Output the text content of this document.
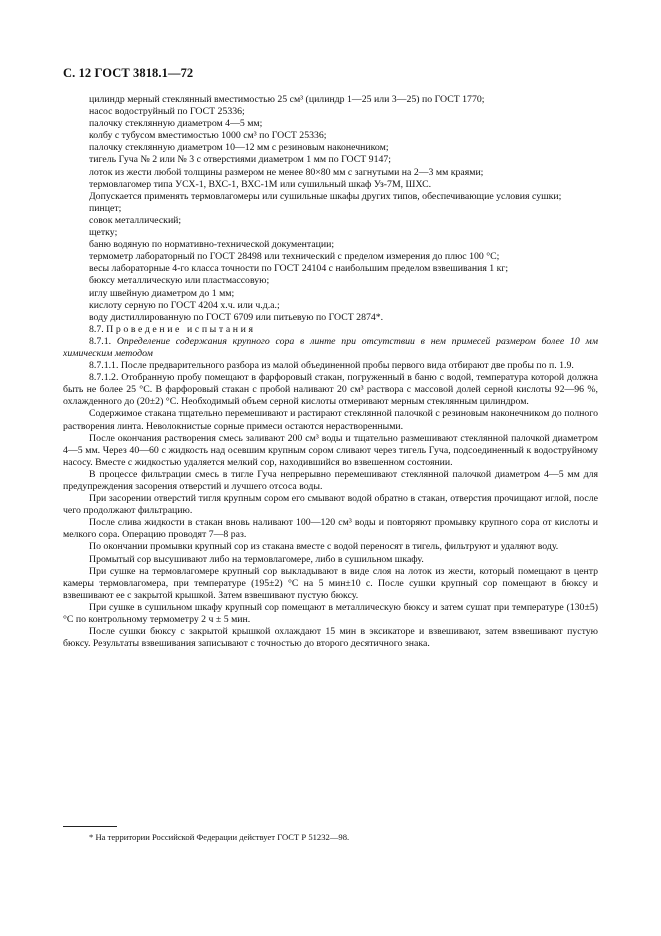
С. 12 ГОСТ 3818.1—72

цилиндр мерный стеклянный вместимостью 25 см³ (цилиндр 1—25 или 3—25) по ГОСТ 1770;

насос водоструйный по ГОСТ 25336;

палочку стеклянную диаметром 4—5 мм;

колбу с тубусом вместимостью 1000 см³ по ГОСТ 25336;

палочку стеклянную диаметром 10—12 мм с резиновым наконечником;

тигель Гуча № 2 или № 3 с отверстиями диаметром 1 мм по ГОСТ 9147;

лоток из жести любой толщины размером не менее 80×80 мм с загнутыми на 2—3 мм краями;

термовлагомер типа УСХ-1, ВХС-1, ВХС-1М или сушильный шкаф Уз-7М, ШХС.

Допускается применять термовлагомеры или сушильные шкафы других типов, обеспечивающие условия сушки;

пинцет;

совок металлический;

щетку;

баню водяную по нормативно-технической документации;

термометр лабораторный по ГОСТ 28498 или технический с пределом измерения до плюс 100 °С;

весы лабораторные 4-го класса точности по ГОСТ 24104 с наибольшим пределом взвешивания 1 кг;

бюксу металлическую или пластмассовую;

иглу швейную диаметром до 1 мм;

кислоту серную по ГОСТ 4204 х.ч. или ч.д.а.;

воду дистиллированную по ГОСТ 6709 или питьевую по ГОСТ 2874*.

8.7. Проведение испытания

8.7.1. Определение содержания крупного сора в линте при отсутствии в нем примесей размером более 10 мм химическим методом

8.7.1.1. После предварительного разбора из малой объединенной пробы первого вида отбирают две пробы по п. 1.9.

8.7.1.2. Отобранную пробу помещают в фарфоровый стакан, погруженный в баню с водой, температура которой должна быть не более 25 °С. В фарфоровый стакан с пробой наливают 20 см³ раствора с массовой долей серной кислоты 92—96 %, охлажденного до (20±2) °С. Необходимый объем серной кислоты отмеривают мерным стеклянным цилиндром.

Содержимое стакана тщательно перемешивают и растирают стеклянной палочкой с резиновым наконечником до полного растворения линта. Неволокнистые сорные примеси остаются нерастворенными.

После окончания растворения смесь заливают 200 см³ воды и тщательно размешивают стеклянной палочкой диаметром 4—5 мм. Через 40—60 с жидкость над осевшим крупным сором сливают через тигель Гуча, подсоединенный к водоструйному насосу. Вместе с жидкостью удаляется мелкий сор, находившийся во взвешенном состоянии.

В процессе фильтрации смесь в тигле Гуча непрерывно перемешивают стеклянной палочкой диаметром 4—5 мм для предупреждения засорения отверстий и лучшего отсоса воды.

При засорении отверстий тигля крупным сором его смывают водой обратно в стакан, отверстия прочищают иглой, после чего продолжают фильтрацию.

После слива жидкости в стакан вновь наливают 100—120 см³ воды и повторяют промывку крупного сора от кислоты и мелкого сора. Операцию проводят 7—8 раз.

По окончании промывки крупный сор из стакана вместе с водой переносят в тигель, фильтруют и удаляют воду.

Промытый сор высушивают либо на термовлагомере, либо в сушильном шкафу.

При сушке на термовлагомере крупный сор выкладывают в виде слоя на лоток из жести, который помещают в центр камеры термовлагомера, при температуре (195±2) °С на 5 мин±10 с. После сушки крупный сор помещают в бюксу и взвешивают ее с закрытой крышкой. Затем взвешивают пустую бюксу.

При сушке в сушильном шкафу крупный сор помещают в металлическую бюксу и затем сушат при температуре (130±5) °С по контрольному термометру 2 ч ± 5 мин.

После сушки бюксу с закрытой крышкой охлаждают 15 мин в эксикаторе и взвешивают, затем взвешивают пустую бюксу. Результаты взвешивания записывают с точностью до второго десятичного знака.

* На территории Российской Федерации действует ГОСТ Р 51232—98.
